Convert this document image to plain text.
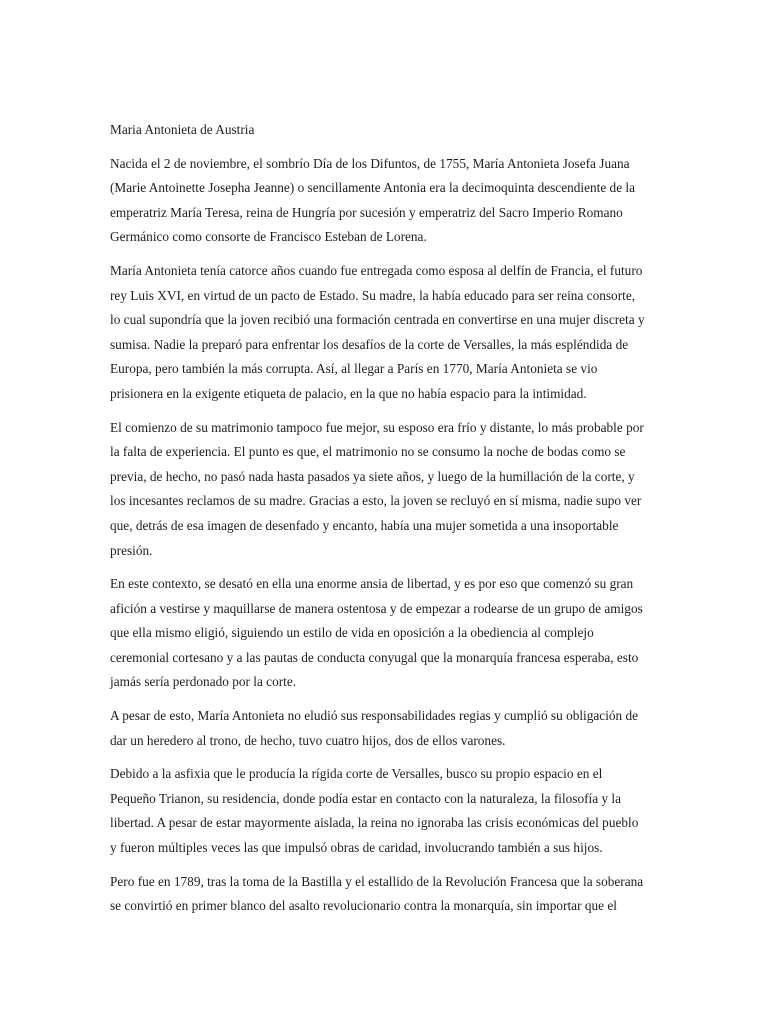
Maria Antonieta de Austria
Nacida el 2 de noviembre, el sombrío Día de los Difuntos, de 1755, María Antonieta Josefa Juana
(Marie Antoinette Josepha Jeanne) o sencillamente Antonia era la decimoquinta descendiente de la
emperatriz María Teresa, reina de Hungría por sucesión y emperatriz del Sacro Imperio Romano
Germánico como consorte de Francisco Esteban de Lorena.
María Antonieta tenía catorce años cuando fue entregada como esposa al delfín de Francia, el futuro
rey Luis XVI, en virtud de un pacto de Estado. Su madre, la había educado para ser reina consorte,
lo cual supondría que la joven recibió una formación centrada en convertirse en una mujer discreta y
sumisa. Nadie la preparó para enfrentar los desafíos de la corte de Versalles, la más espléndida de
Europa, pero también la más corrupta. Así, al llegar a París en 1770, María Antonieta se vio
prisionera en la exigente etiqueta de palacio, en la que no había espacio para la intimidad.
El comienzo de su matrimonio tampoco fue mejor, su esposo era frío y distante, lo más probable por
la falta de experiencia. El punto es que, el matrimonio no se consumo la noche de bodas como se
previa, de hecho, no pasó nada hasta pasados ya siete años, y luego de la humillación de la corte, y
los incesantes reclamos de su madre. Gracias a esto, la joven se recluyó en sí misma, nadie supo ver
que, detrás de esa imagen de desenfado y encanto, había una mujer sometida a una insoportable
presión.
En este contexto, se desató en ella una enorme ansia de libertad, y es por eso que comenzó su gran
afición a vestirse y maquillarse de manera ostentosa y de empezar a rodearse de un grupo de amigos
que ella mismo eligió, siguiendo un estilo de vida en oposición a la obediencia al complejo
ceremonial cortesano y a las pautas de conducta conyugal que la monarquía francesa esperaba, esto
jamás sería perdonado por la corte.
A pesar de esto, María Antonieta no eludió sus responsabilidades regias y cumplió su obligación de
dar un heredero al trono, de hecho, tuvo cuatro hijos, dos de ellos varones.
Debido a la asfixia que le producía la rígida corte de Versalles, busco su propio espacio en el
Pequeño Trianon, su residencia, donde podía estar en contacto con la naturaleza, la filosofía y la
libertad. A pesar de estar mayormente aislada, la reina no ignoraba las crisis económicas del pueblo
y fueron múltiples veces las que impulsó obras de caridad, involucrando también a sus hijos.
Pero fue en 1789, tras la toma de la Bastilla y el estallido de la Revolución Francesa que la soberana
se convirtió en primer blanco del asalto revolucionario contra la monarquía, sin importar que el
